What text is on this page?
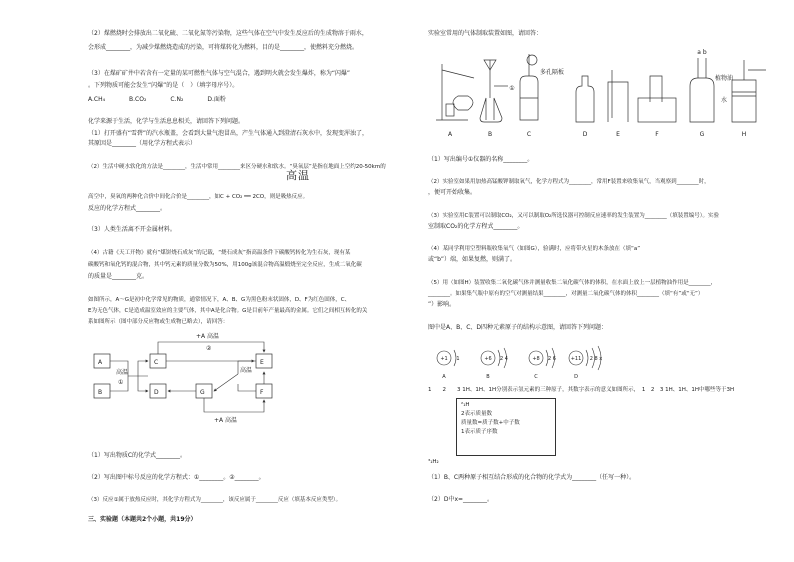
（2）煤燃烧时会排放出二氧化硫、二氧化氮等污染物，这些气体在空气中发生反应后的生成物溶于雨水，
会形成________，为减少煤燃烧造成的污染，可将煤转化为燃料，目的是________，使燃料充分燃烧。
（3）在煤矿矿井中若含有一定量的某可燃性气体与空气混合，遇到明火就会发生爆炸，称为“闪爆”
。下列物质可能会发生“闪爆”的是（　）（填字母序号）。
A.CH₄　　　　B.CO₂　　　　C.N₂　　　　D.面粉
化学来源于生活，化学与生活息息相关，请回答下列问题。
（1）打开盛有“雪碧”的汽水瓶盖，会看到大量气泡冒出，产生气体通入到澄清石灰水中，发现变浑浊了，
其原因是________（用化学方程式表示）
（2）生活中硬水软化的方法是________，生活中常用________来区分硬水和软水。“臭氧层”是指在地面上空约20-50km的
高温
高空中，臭氧的两种化合价中间化合价是________，如C + CO₂ ══ 2CO，则是吸热反应。
反应的化学方程式________。
（3）人类生活离不开金属材料。
（4）古籍《天工开物》就有“煤饼烧石成灰”的记载，“烧石成灰”指高温条件下碳酸钙转化为生石灰，现有某
碳酸钙和氧化钙的混合物，其中钙元素的质量分数为50%，用100g该混合物高温煅烧至完全反应，生成二氧化碳
的质量是________克。
如图所示，A～G是初中化学常见的物质，通常情况下，A、B、G为黑色粉末状固体，D、F为红色固体，C、
E为无色气体，C是造成温室效应的主要气体，其中A是化合物。G是目前年产量最高的金属。它们之间相互转化的关
系如图所示（图中部分反应物或生成物已略去），请回答：
A
B
C
D
E
F
G
+A 高温
②
高温
①
高温
+A 高温
（1）写出物质C的化学式________。
（2）写出图中标号反应的化学方程式：①________。②________。
（3）反应①属于放热反应时，其化学方程式为________，该反应属于________反应（填基本反应类型）。
三、实验题（本题共2个小题，共19分）
实验室常用的气体制取装置如图，请回答：
A	B	C	D	E	F	G	H
多孔隔板
植物油
水
a b
①
（1）写出编号①仪器的名称________。
（2）实验室如果用加热高锰酸钾制取氧气，化学方程式为________，常用F装置来收集氧气，当观察到________时，
，便可开始收集。
（3）实验室用C装置可以制取CO₂，又可以制取O₂所选仪器可控制反应速率的发生装置为________（填装置编号）。实验
室制取CO₂的化学方程式________。
（4）某同学利用空塑料瓶收集氧气（如图G），验满时，应将带火星的木条放在（填“a”
或“b”）端，如果复燃，则满了。
（5）用（如图H）装置收集二氧化碳气体并测量收集二氧化碳气体的体积，在水面上放上一层植物油作用是________，
________。如果集气瓶中原有的空气对测量结果________，对测量二氧化碳气体的体积________（填“有”或“无”）
”）影响。
图中是A、B、C、D四种元素原子的结构示意图，请回答下列问题：
+1 1
A
+6 2 4
B
+8 2 6
C
+11 2 8 x
D
1　　2　　3 1H、1H、1H分别表示氢元素的三种原子，其数字表示的意义如图所示，　1　2　3 1H、1H、1H中哪些等于3H
²₁H
2表示质量数
质量数=质子数+中子数
1表示质子序数
³₁H₂
（1）B、C两种原子相互结合形成的化合物的化学式为________（任写一种）。
（2）D中x=________。
